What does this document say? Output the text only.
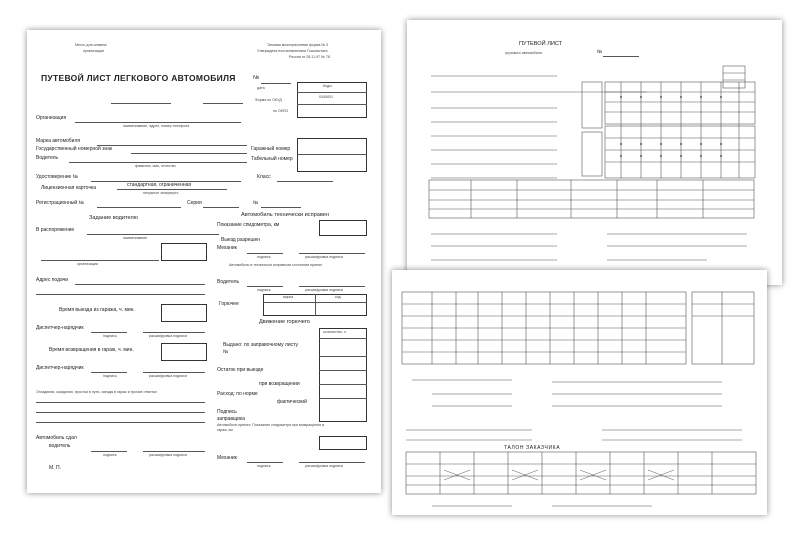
Место для штампа
организации
Типовая межотраслевая форма № 3
Утверждена постановлением Госкомстата
России от 28.11.97 № 78
ПУТЕВОЙ ЛИСТ ЛЕГКОВОГО АВТОМОБИЛЯ	№
Коды
0345001
Форма по ОКУД
по ОКПО
дата
Организация
наименование, адрес, номер телефона
Марка автомобиля
Государственный номерной знак	Гаражный номер
Водитель
фамилия, имя, отчество
Табельный номер
Удостоверение №	Класс
Лицензионная карточка	стандартная, ограниченная
ненужное зачеркнуть
Регистрационный №	Серия	№
Задание водителю
В распоряжение
наименование
организации
Адрес подачи
Время выезда из гаража, ч. мин.
Диспетчер-нарядчик
подпись	расшифровка подписи
Время возвращения в гараж, ч. мин.
Диспетчер-нарядчик
подпись	расшифровка подписи
Опоздания, ожидания, простои в пути, заезды в гараж и прочие отметки
Автомобиль сдал
водитель
подпись	расшифровка подписи
М. П.
Автомобиль технически исправен
Показание спидометра, км
Выезд разрешен
Механик
подпись	расшифровка подписи
Автомобиль в технически исправном состоянии принял
Водитель
подпись	расшифровка подписи
марка	код
Горючее
Движение горючего
количество, л
Выдано: по заправочному листу №
Остаток при выезде
при возвращении
Расход: по норме
фактический
Подпись
заправщика
Автомобиль принял: Показание спидометра при возвращении в гараж, км
Механик
подпись	расшифровка подписи
ПУТЕВОЙ ЛИСТ
грузового автомобиля	№
ТАЛОН ЗАКАЗЧИКА
